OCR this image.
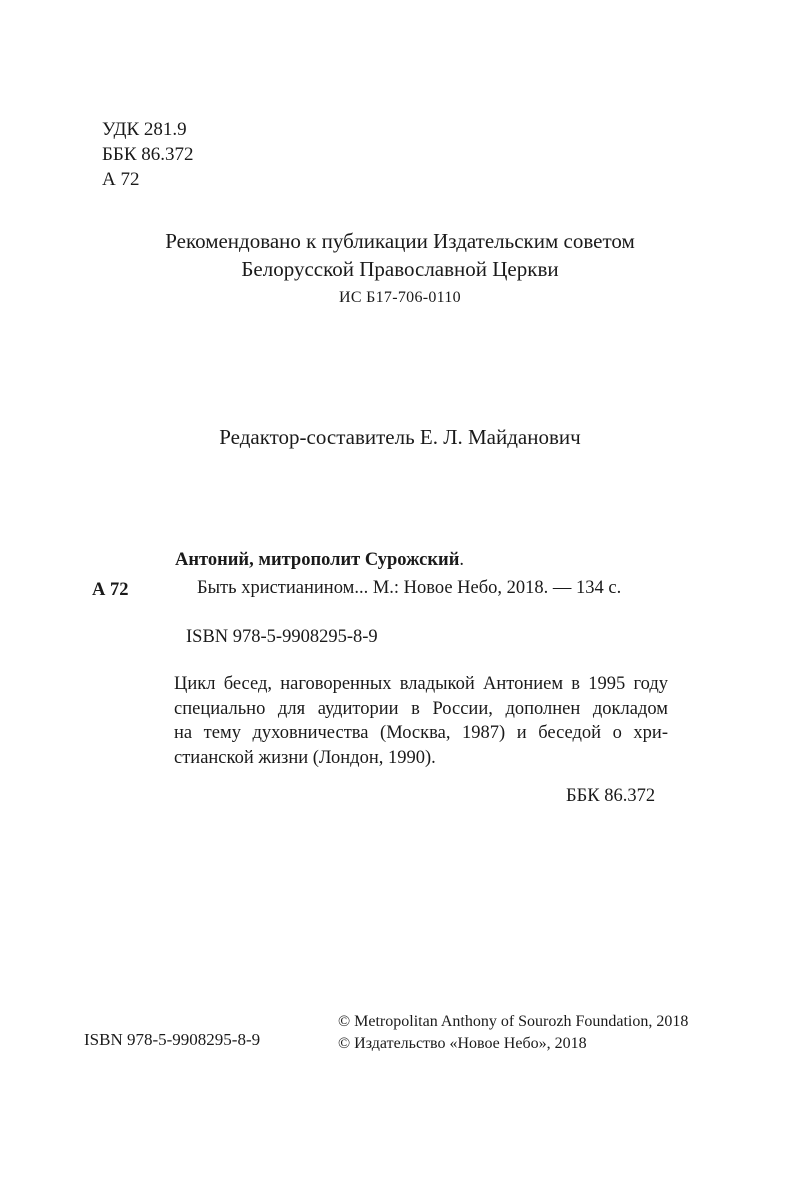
УДК 281.9
ББК 86.372
А 72
Рекомендовано к публикации Издательским советом
Белорусской Православной Церкви
ИС Б17-706-0110
Редактор-составитель Е. Л. Майданович
Антоний, митрополит Сурожский.
А 72	Быть христианином... М.: Новое Небо, 2018. — 134 с.
ISBN 978-5-9908295-8-9
Цикл бесед, наговоренных владыкой Антонием в 1995 году
специально для аудитории в России, дополнен докладом
на тему духовничества (Москва, 1987) и беседой о хри-
стианской жизни (Лондон, 1990).
ББК 86.372
ISBN 978-5-9908295-8-9
© Metropolitan Anthony of Sourozh Foundation, 2018
© Издательство «Новое Небо», 2018
